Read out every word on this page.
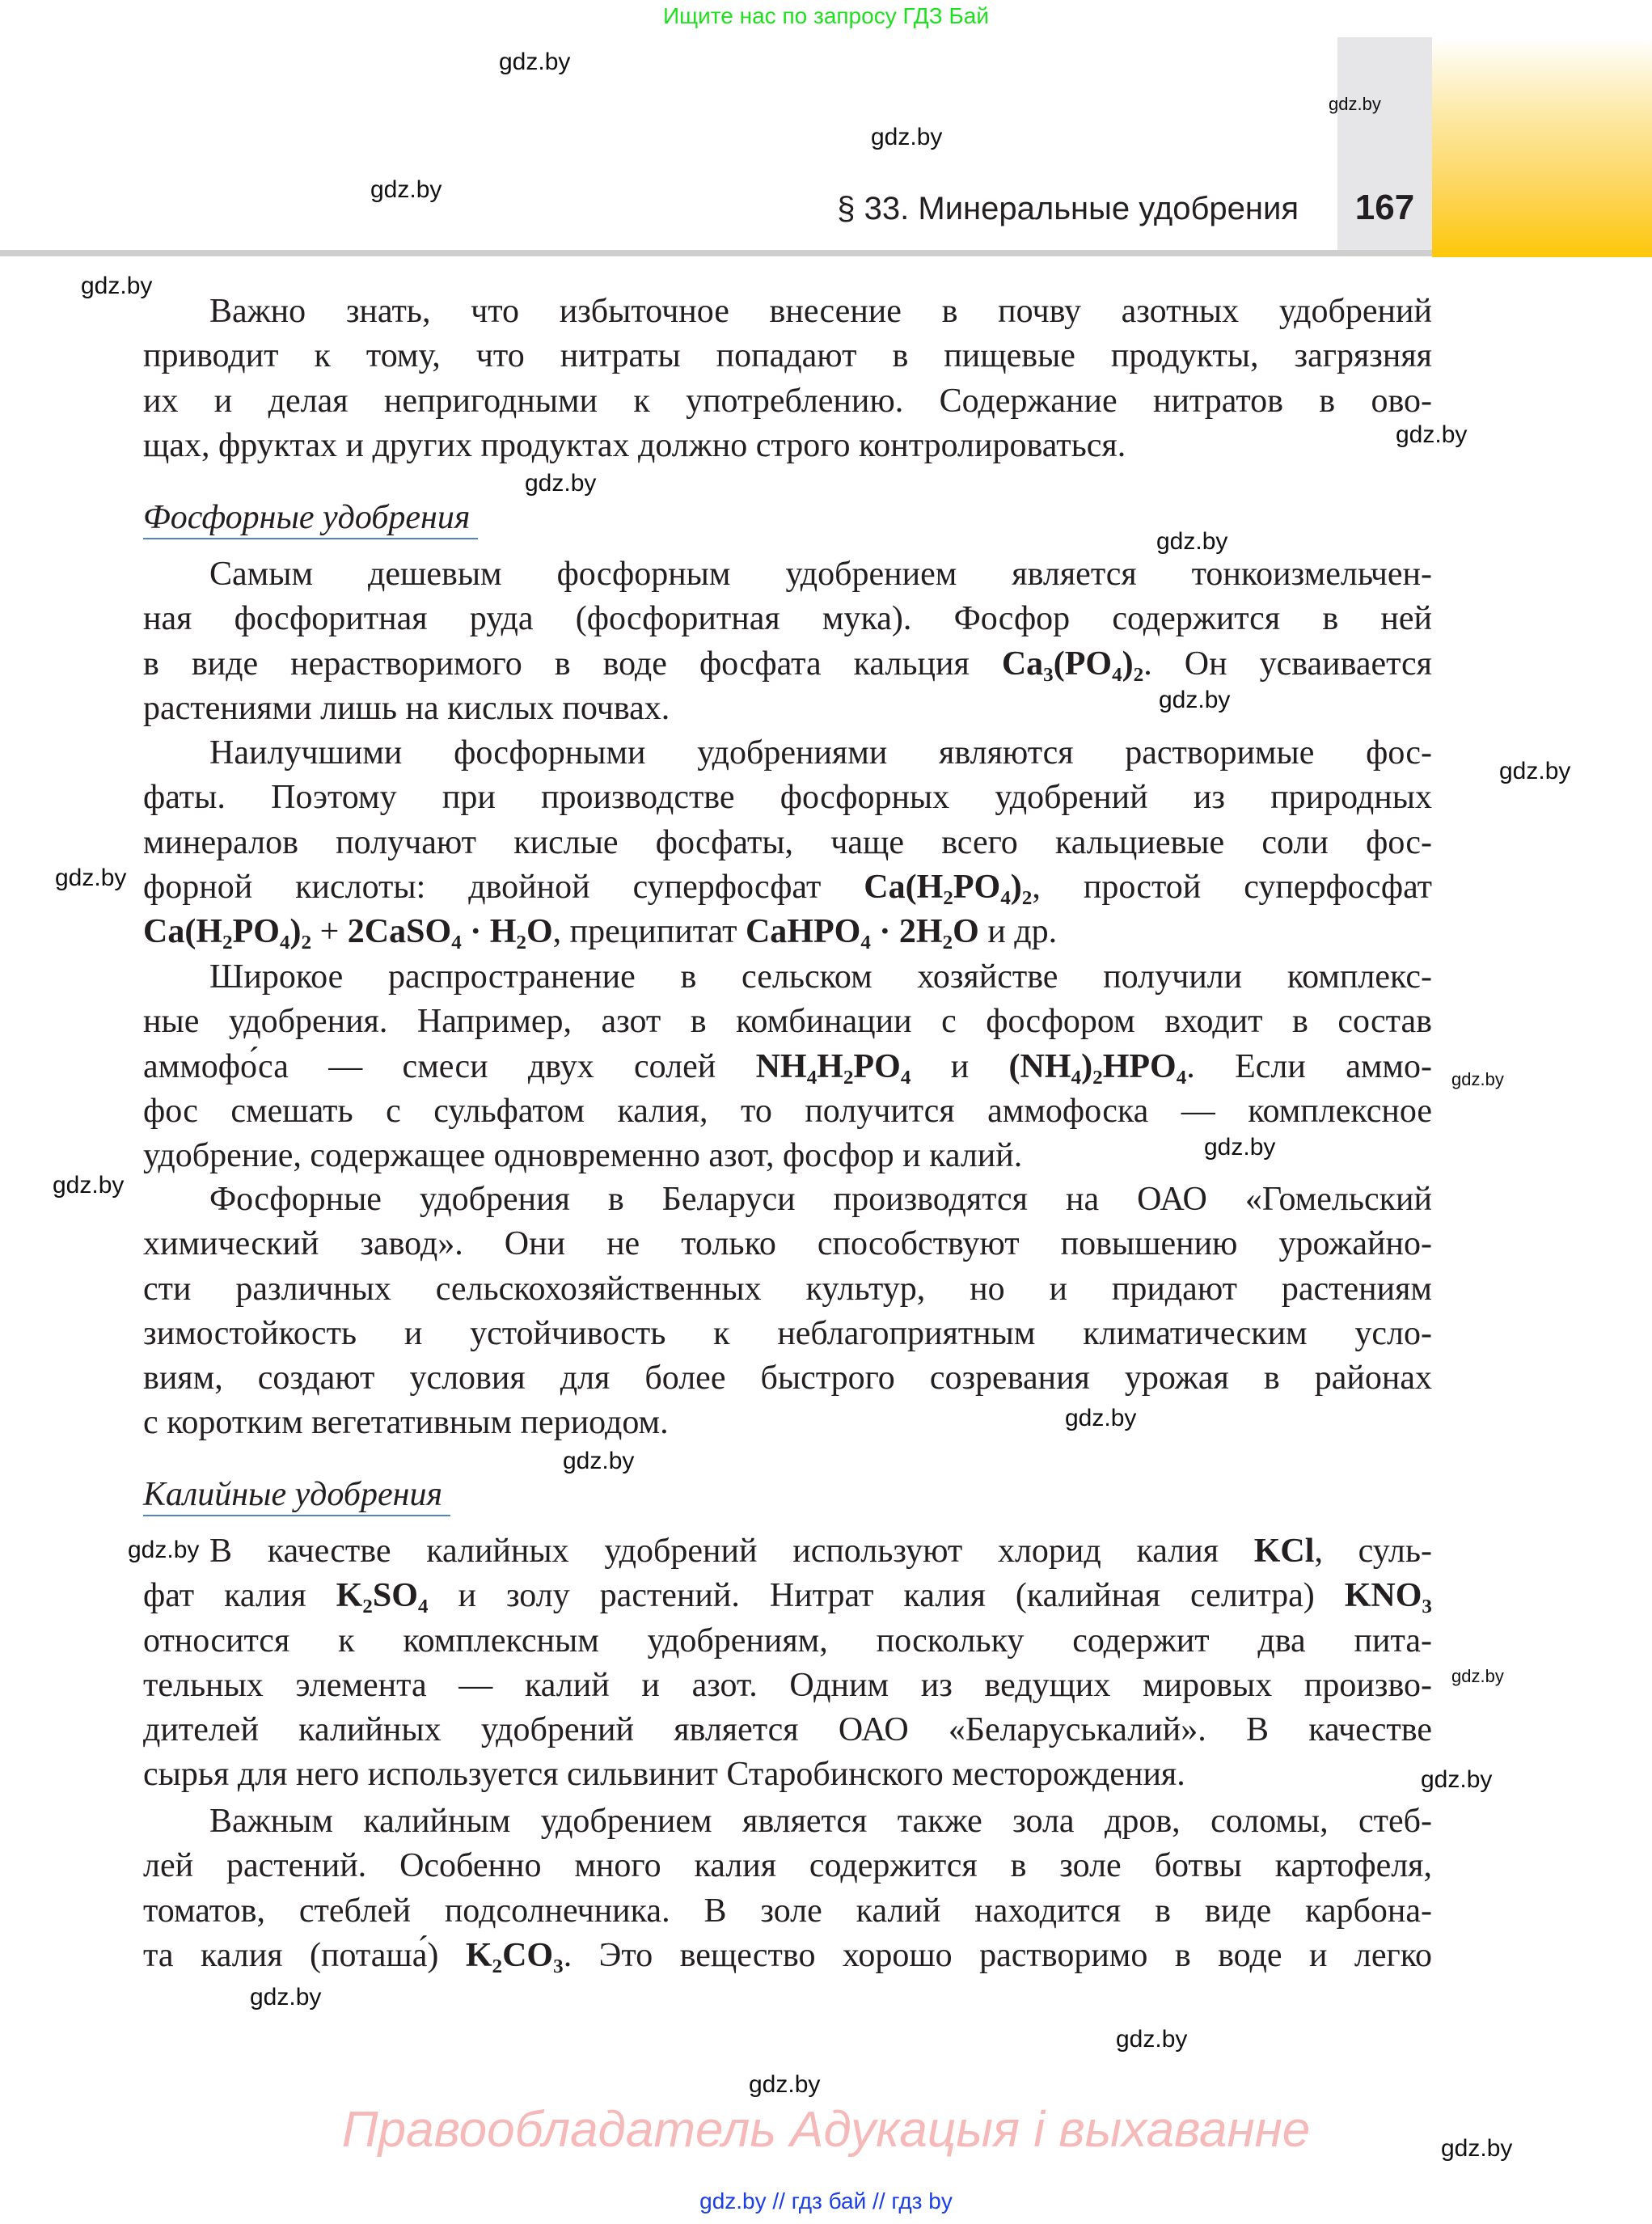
Ищите нас по запросу ГДЗ Бай
§ 33. Минеральные удобрения	167
Важно знать, что избыточное внесение в почву азотных удобрений
приводит к тому, что нитраты попадают в пищевые продукты, загрязняя
их и делая непригодными к употреблению. Содержание нитратов в ово-
щах, фруктах и других продуктах должно строго контролироваться.
Фосфорные удобрения
Самым дешевым фосфорным удобрением является тонкоизмельчен-
ная фосфоритная руда (фосфоритная мука). Фосфор содержится в ней
в виде нерастворимого в воде фосфата кальция Ca₃(PO₄)₂. Он усваивается
растениями лишь на кислых почвах.
Наилучшими фосфорными удобрениями являются растворимые фос-
фаты. Поэтому при производстве фосфорных удобрений из природных
минералов получают кислые фосфаты, чаще всего кальциевые соли фос-
форной кислоты: двойной суперфосфат Ca(H₂PO₄)₂, простой суперфосфат
Ca(H₂PO₄)₂ + 2CaSO₄ · H₂O, преципитат CaHPO₄ · 2H₂O и др.
Широкое распространение в сельском хозяйстве получили комплекс-
ные удобрения. Например, азот в комбинации с фосфором входит в состав
аммофо́са — смеси двух солей NH₄H₂PO₄ и (NH₄)₂HPO₄. Если аммо-
фос смешать с сульфатом калия, то получится аммофоска — комплексное
удобрение, содержащее одновременно азот, фосфор и калий.
Фосфорные удобрения в Беларуси производятся на ОАО «Гомельский
химический завод». Они не только способствуют повышению урожайно-
сти различных сельскохозяйственных культур, но и придают растениям
зимостойкость и устойчивость к неблагоприятным климатическим усло-
виям, создают условия для более быстрого созревания урожая в районах
с коротким вегетативным периодом.
Калийные удобрения
В качестве калийных удобрений используют хлорид калия KCl, суль-
фат калия K₂SO₄ и золу растений. Нитрат калия (калийная селитра) KNO₃
относится к комплексным удобрениям, поскольку содержит два пита-
тельных элемента — калий и азот. Одним из ведущих мировых произво-
дителей калийных удобрений является ОАО «Беларуськалий». В качестве
сырья для него используется сильвинит Старобинского месторождения.
Важным калийным удобрением является также зола дров, соломы, стеб-
лей растений. Особенно много калия содержится в золе ботвы картофеля,
томатов, стеблей подсолнечника. В золе калий находится в виде карбона-
та калия (поташа́) K₂CO₃. Это вещество хорошо растворимо в воде и легко
gdz.by
gdz.by
gdz.by
gdz.by
gdz.by
gdz.by
gdz.by
gdz.by
gdz.by
gdz.by
gdz.by
gdz.by
gdz.by
gdz.by
gdz.by
gdz.by
gdz.by
gdz.by
gdz.by
gdz.by
gdz.by
gdz.by
gdz.by
Правообладатель Адукацыя і выхаванне
gdz.by // гдз бай // гдз by
